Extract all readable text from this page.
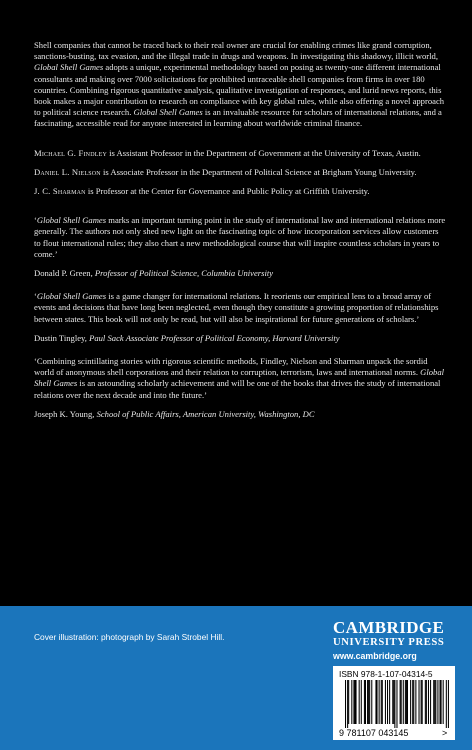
Shell companies that cannot be traced back to their real owner are crucial for enabling crimes like grand corruption, sanctions-busting, tax evasion, and the illegal trade in drugs and weapons. In investigating this shadowy, illicit world, Global Shell Games adopts a unique, experimental methodology based on posing as twenty-one different international consultants and making over 7000 solicitations for prohibited untraceable shell companies from firms in over 180 countries. Combining rigorous quantitative analysis, qualitative investigation of responses, and lurid news reports, this book makes a major contribution to research on compliance with key global rules, while also offering a novel approach to political science research. Global Shell Games is an invaluable resource for scholars of international relations, and a fascinating, accessible read for anyone interested in learning about worldwide criminal finance.

Michael G. Findley is Assistant Professor in the Department of Government at the University of Texas, Austin.

Daniel L. Nielson is Associate Professor in the Department of Political Science at Brigham Young University.

J. C. Sharman is Professor at the Center for Governance and Public Policy at Griffith University.

‘Global Shell Games marks an important turning point in the study of international law and international relations more generally. The authors not only shed new light on the fascinating topic of how incorporation services allow customers to flout international rules; they also chart a new methodological course that will inspire countless scholars in years to come.’

Donald P. Green, Professor of Political Science, Columbia University

‘Global Shell Games is a game changer for international relations. It reorients our empirical lens to a broad array of events and decisions that have long been neglected, even though they constitute a growing proportion of relationships between states. This book will not only be read, but will also be inspirational for future generations of scholars.’

Dustin Tingley, Paul Sack Associate Professor of Political Economy, Harvard University

‘Combining scintillating stories with rigorous scientific methods, Findley, Nielson and Sharman unpack the sordid world of anonymous shell corporations and their relation to corruption, terrorism, laws and international norms. Global Shell Games is an astounding scholarly achievement and will be one of the books that drives the study of international relations over the next decade and into the future.’

Joseph K. Young, School of Public Affairs, American University, Washington, DC

Cover illustration: photograph by Sarah Strobel Hill.	CAMBRIDGE
UNIVERSITY PRESS
www.cambridge.org
ISBN 978-1-107-04314-5
9 781107 043145	>
